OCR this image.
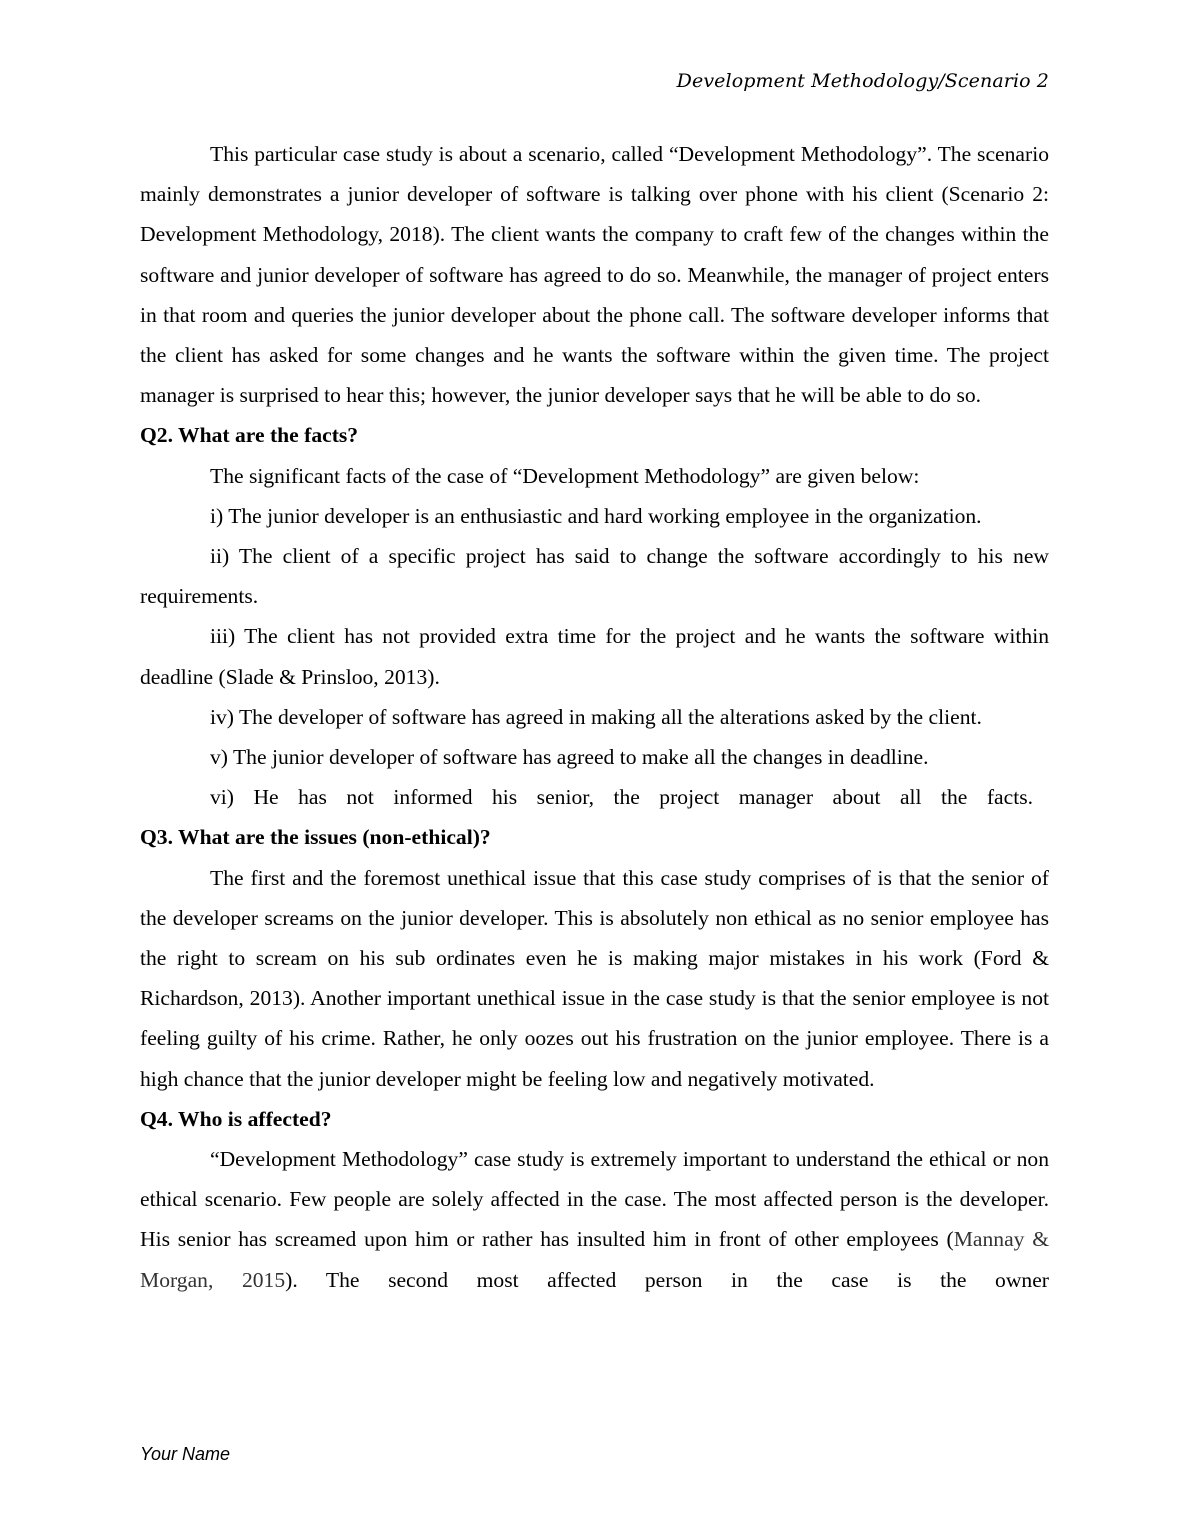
Development Methodology/Scenario 2

This particular case study is about a scenario, called “Development Methodology”. The scenario mainly demonstrates a junior developer of software is talking over phone with his client (Scenario 2: Development Methodology, 2018). The client wants the company to craft few of the changes within the software and junior developer of software has agreed to do so. Meanwhile, the manager of project enters in that room and queries the junior developer about the phone call. The software developer informs that the client has asked for some changes and he wants the software within the given time. The project manager is surprised to hear this; however, the junior developer says that he will be able to do so.

Q2. What are the facts?

The significant facts of the case of “Development Methodology” are given below:

i) The junior developer is an enthusiastic and hard working employee in the organization.

ii) The client of a specific project has said to change the software accordingly to his new requirements.

iii) The client has not provided extra time for the project and he wants the software within deadline (Slade & Prinsloo, 2013).

iv) The developer of software has agreed in making all the alterations asked by the client.

v) The junior developer of software has agreed to make all the changes in deadline.

vi) He has not informed his senior, the project manager about all the facts.

Q3. What are the issues (non-ethical)?

The first and the foremost unethical issue that this case study comprises of is that the senior of the developer screams on the junior developer. This is absolutely non ethical as no senior employee has the right to scream on his sub ordinates even he is making major mistakes in his work (Ford & Richardson, 2013). Another important unethical issue in the case study is that the senior employee is not feeling guilty of his crime. Rather, he only oozes out his frustration on the junior employee. There is a high chance that the junior developer might be feeling low and negatively motivated.

Q4. Who is affected?

“Development Methodology” case study is extremely important to understand the ethical or non ethical scenario. Few people are solely affected in the case. The most affected person is the developer. His senior has screamed upon him or rather has insulted him in front of other employees (Mannay & Morgan, 2015). The second most affected person in the case is the owner

Your Name
